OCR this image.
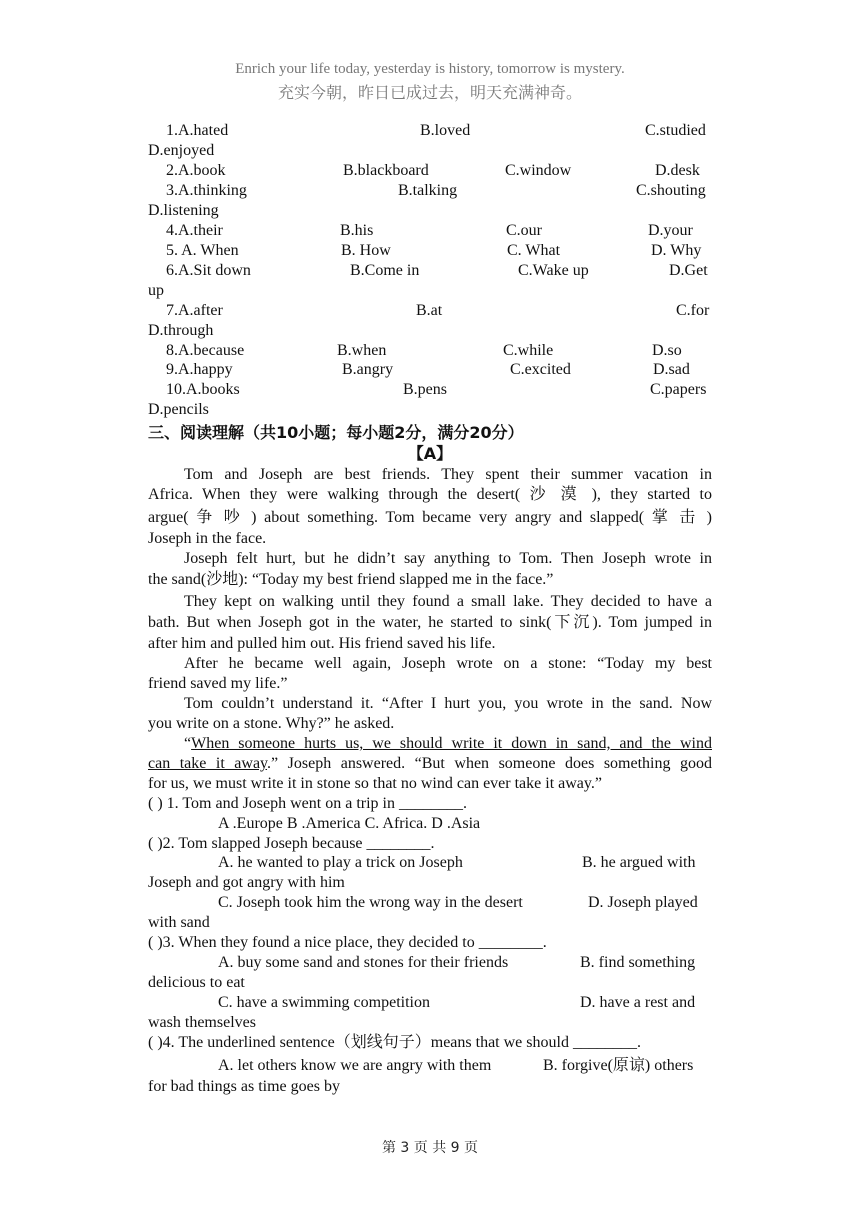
Enrich your life today, yesterday is history, tomorrow is mystery.
充实今朝，昨日已成过去，明天充满神奇。
1.A.hated	B.loved	C.studied
D.enjoyed
2.A.book	B.blackboard	C.window	D.desk
3.A.thinking	B.talking	C.shouting
D.listening
4.A.their	B.his	C.our	D.your
5. A. When	B. How	C. What	D. Why
6.A.Sit down	B.Come in	C.Wake up	D.Get
up
7.A.after	B.at	C.for
D.through
8.A.because	B.when	C.while	D.so
9.A.happy	B.angry	C.excited	D.sad
10.A.books	B.pens	C.papers
D.pencils
三、阅读理解（共10小题；每小题2分，满分20分）
【A】
Tom and Joseph are best friends. They spent their summer vacation in
Africa. When they were walking through the desert( 沙 漠 ), they started to
argue( 争 吵 ) about something. Tom became very angry and slapped( 掌 击 )
Joseph in the face.
Joseph felt hurt, but he didn’t say anything to Tom. Then Joseph wrote in
the sand(沙地): “Today my best friend slapped me in the face.”
They kept on walking until they found a small lake. They decided to have a
bath. But when Joseph got in the water, he started to sink(下沉). Tom jumped in
after him and pulled him out. His friend saved his life.
After he became well again, Joseph wrote on a stone: “Today my best
friend saved my life.”
Tom couldn’t understand it. “After I hurt you, you wrote in the sand. Now
you write on a stone. Why?” he asked.
“When someone hurts us, we should write it down in sand, and the wind
can take it away.” Joseph answered. “But when someone does something good
for us, we must write it in stone so that no wind can ever take it away.”
( ) 1. Tom and Joseph went on a trip in ________.
A .Europe B .America C. Africa. D .Asia
( )2. Tom slapped Joseph because ________.
A. he wanted to play a trick on Joseph	B. he argued with
Joseph and got angry with him
C. Joseph took him the wrong way in the desert	D. Joseph played
with sand
( )3. When they found a nice place, they decided to ________.
A. buy some sand and stones for their friends	B. find something
delicious to eat
C. have a swimming competition	D. have a rest and
wash themselves
( )4. The underlined sentence（划线句子）means that we should ________.
A. let others know we are angry with them	B. forgive(原谅) others
for bad things as time goes by
第 3 页 共 9 页
